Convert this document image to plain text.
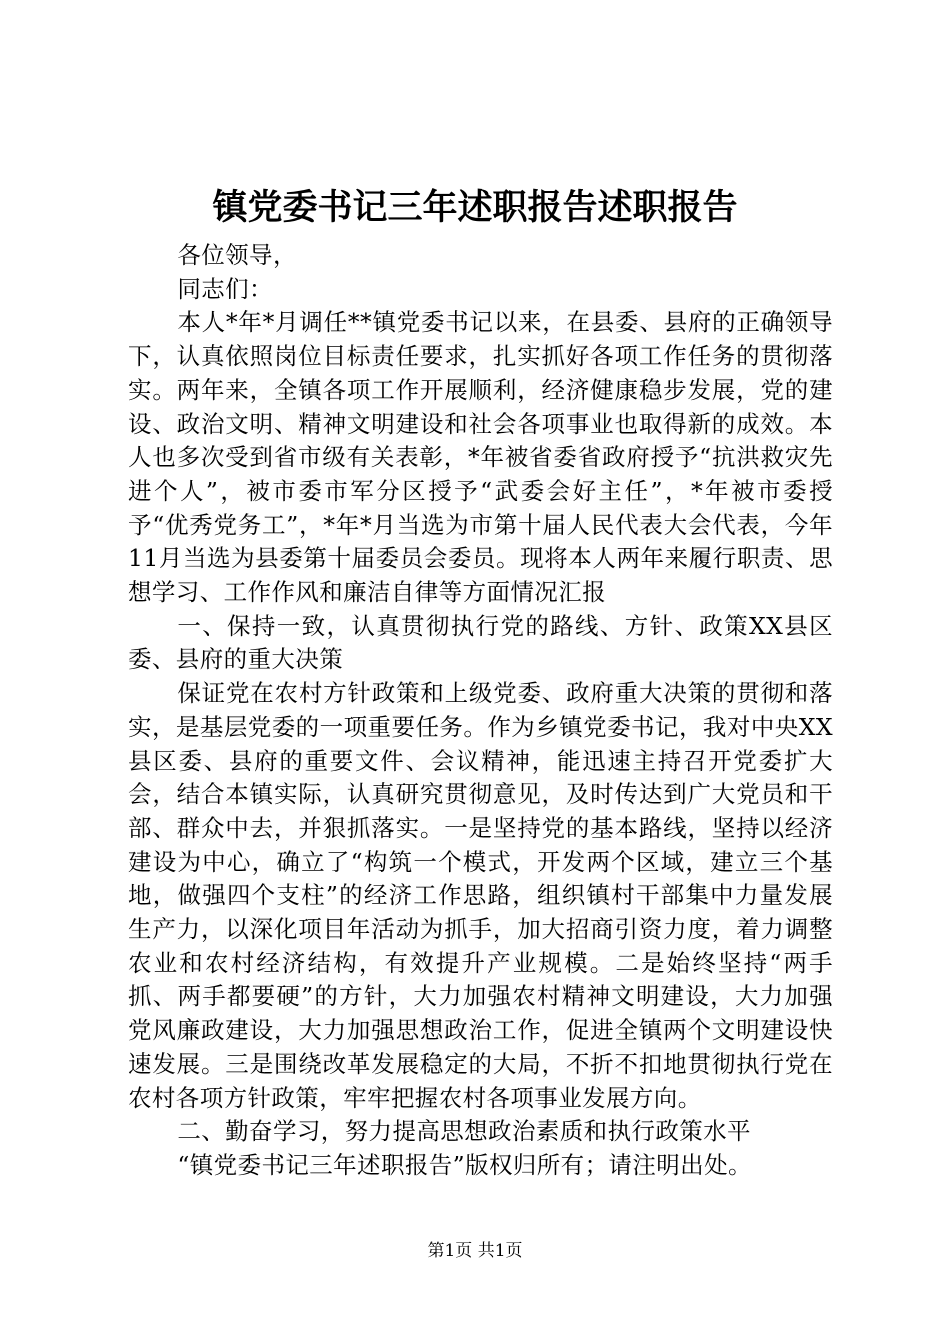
镇党委书记三年述职报告述职报告

各位领导，

同志们：

本人*年*月调任**镇党委书记以来，在县委、县府的正确领导下，认真依照岗位目标责任要求，扎实抓好各项工作任务的贯彻落实。两年来，全镇各项工作开展顺利，经济健康稳步发展，党的建设、政治文明、精神文明建设和社会各项事业也取得新的成效。本人也多次受到省市级有关表彰，*年被省委省政府授予“抗洪救灾先进个人”，被市委市军分区授予“武委会好主任”，*年被市委授予“优秀党务工”，*年*月当选为市第十届人民代表大会代表，今年11月当选为县委第十届委员会委员。现将本人两年来履行职责、思想学习、工作作风和廉洁自律等方面情况汇报

一、保持一致，认真贯彻执行党的路线、方针、政策XX县区委、县府的重大决策

保证党在农村方针政策和上级党委、政府重大决策的贯彻和落实，是基层党委的一项重要任务。作为乡镇党委书记，我对中央XX县区委、县府的重要文件、会议精神，能迅速主持召开党委扩大会，结合本镇实际，认真研究贯彻意见，及时传达到广大党员和干部、群众中去，并狠抓落实。一是坚持党的基本路线，坚持以经济建设为中心，确立了“构筑一个模式，开发两个区域，建立三个基地，做强四个支柱”的经济工作思路，组织镇村干部集中力量发展生产力，以深化项目年活动为抓手，加大招商引资力度，着力调整农业和农村经济结构，有效提升产业规模。二是始终坚持“两手抓、两手都要硬”的方针，大力加强农村精神文明建设，大力加强党风廉政建设，大力加强思想政治工作，促进全镇两个文明建设快速发展。三是围绕改革发展稳定的大局，不折不扣地贯彻执行党在农村各项方针政策，牢牢把握农村各项事业发展方向。

二、勤奋学习，努力提高思想政治素质和执行政策水平

“镇党委书记三年述职报告”版权归所有；请注明出处。

第1页 共1页
